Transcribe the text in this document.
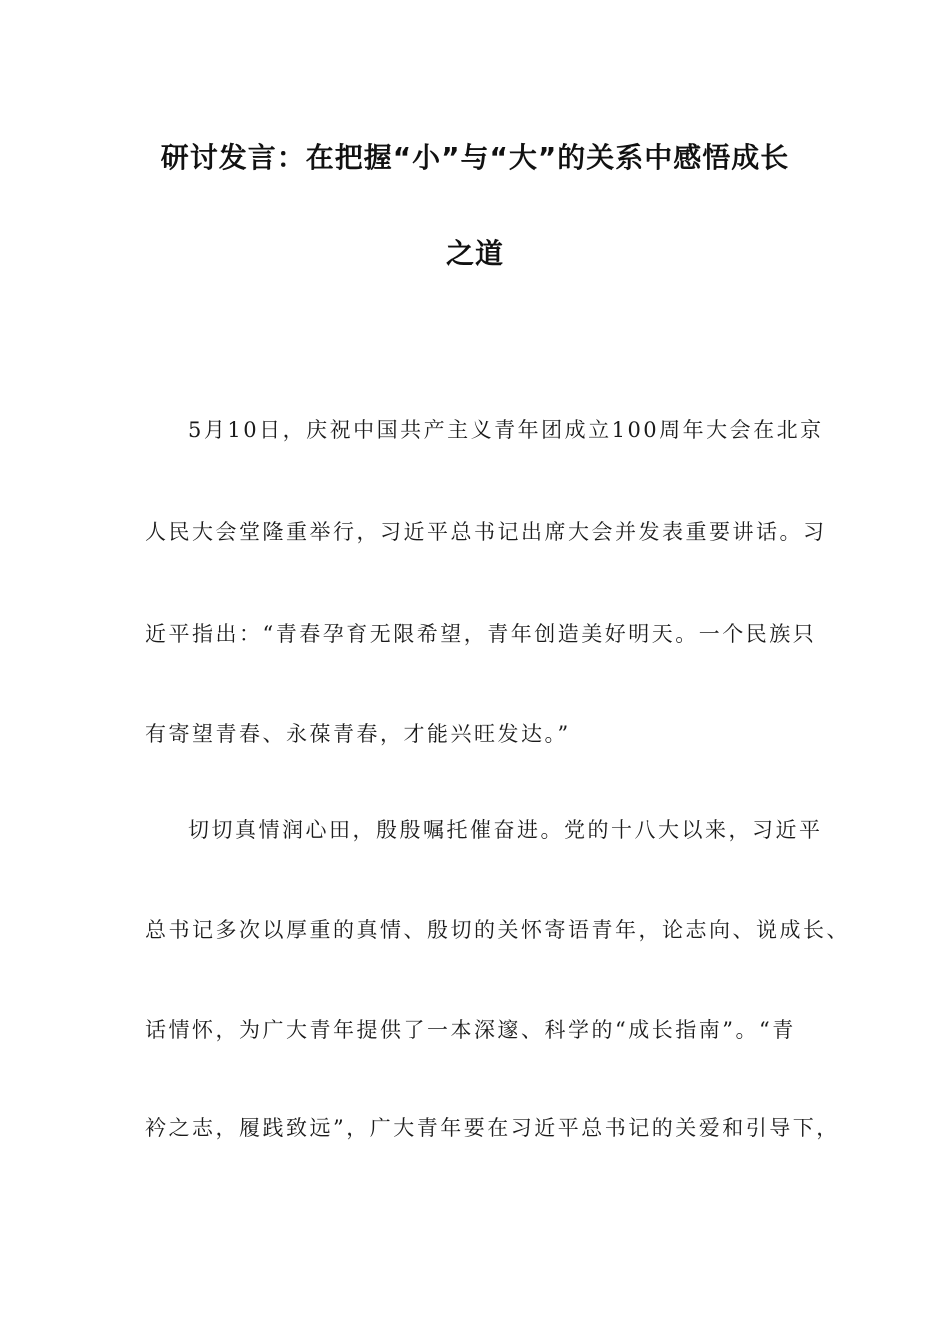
研讨发言：在把握“小”与“大”的关系中感悟成长
之道
5月10日，庆祝中国共产主义青年团成立100周年大会在北京
人民大会堂隆重举行，习近平总书记出席大会并发表重要讲话。习
近平指出：“青春孕育无限希望，青年创造美好明天。一个民族只
有寄望青春、永葆青春，才能兴旺发达。”
切切真情润心田，殷殷嘱托催奋进。党的十八大以来，习近平
总书记多次以厚重的真情、殷切的关怀寄语青年，论志向、说成长、
话情怀，为广大青年提供了一本深邃、科学的“成长指南”。“青
衿之志，履践致远”，广大青年要在习近平总书记的关爱和引导下，
